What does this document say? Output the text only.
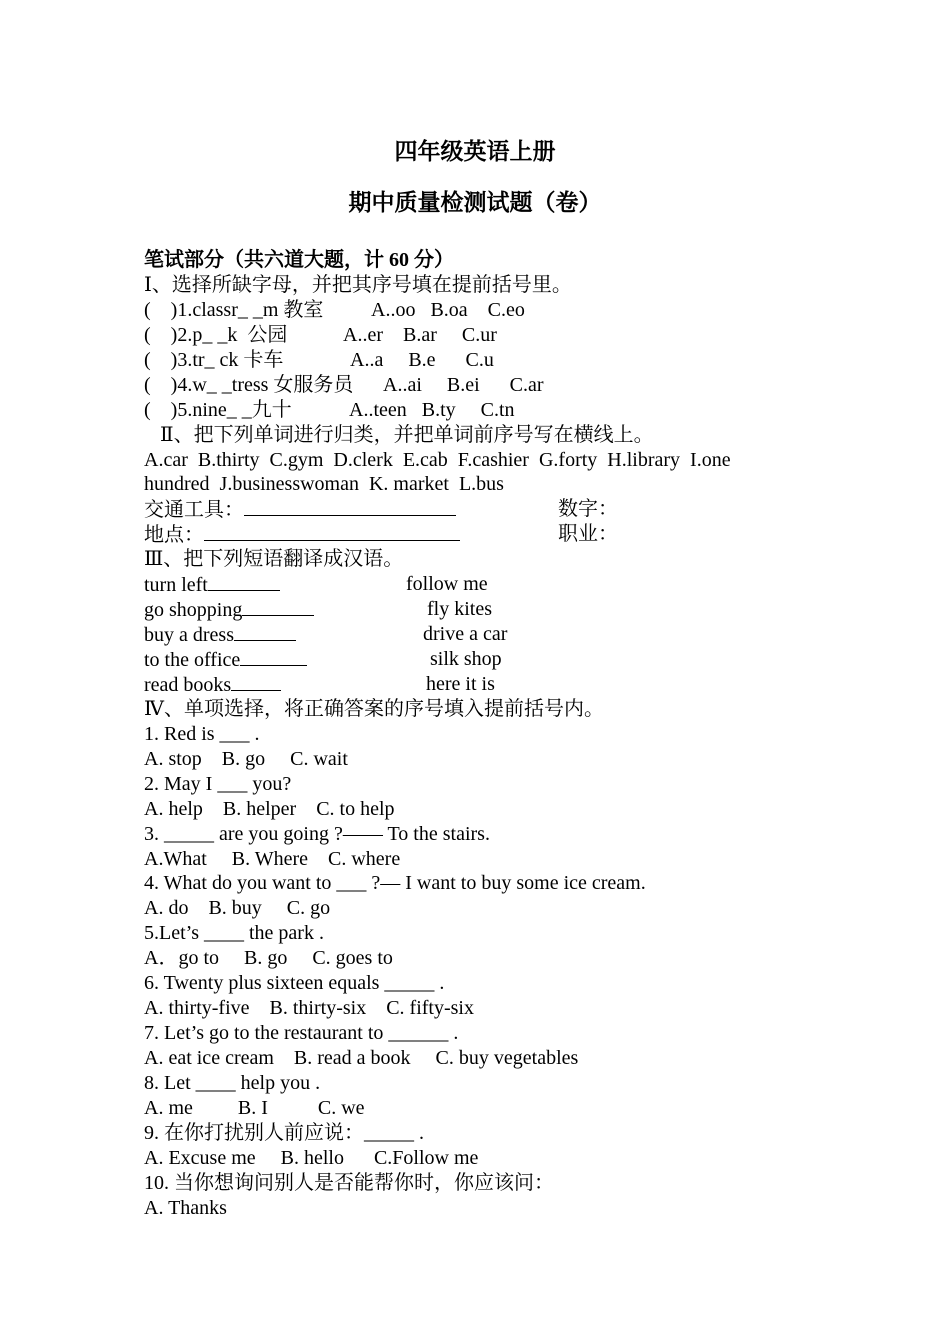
四年级英语上册
期中质量检测试题（卷）
笔试部分（共六道大题，计 60 分）
Ⅰ、选择所缺字母，并把其序号填在提前括号里。
(    )1.classr_ _m 教室 A..oo   B.oa    C.eo
(    )2.p_ _k  公园	A..er    B.ar     C.ur
(    )3.tr_ ck 卡车	A..a     B.e      C.u
(    )4.w_ _tress 女服务员 A..ai     B.ei      C.ar
(    )5.nine_ _九十	A..teen   B.ty     C.tn
Ⅱ、把下列单词进行归类，并把单词前序号写在横线上。
A.car  B.thirty  C.gym  D.clerk  E.cab  F.cashier  G.forty  H.library  I.one
hundred  J.businesswoman  K. market  L.bus
交通工具：	数字：
地点：	职业：
Ⅲ、把下列短语翻译成汉语。
turn left	follow me
go shopping	fly kites
buy a dress	drive a car
to the office	silk shop
read books	here it is
Ⅳ、单项选择，将正确答案的序号填入提前括号内。
1. Red is ___ .
A. stop    B. go     C. wait
2. May I ___ you?
A. help    B. helper    C. to help
3. _____ are you going ?—— To the stairs.
A.What     B. Where    C. where
4. What do you want to ___ ?— I want to buy some ice cream.
A. do    B. buy     C. go
5.Let’s ____ the park .
A．go to     B. go     C. goes to
6. Twenty plus sixteen equals _____ .
A. thirty-five    B. thirty-six    C. fifty-six
7. Let’s go to the restaurant to ______ .
A. eat ice cream    B. read a book     C. buy vegetables
8. Let ____ help you .
A. me         B. I          C. we
9. 在你打扰别人前应说：_____ .
A. Excuse me     B. hello      C.Follow me
10. 当你想询问别人是否能帮你时，你应该问：
A. Thanks
